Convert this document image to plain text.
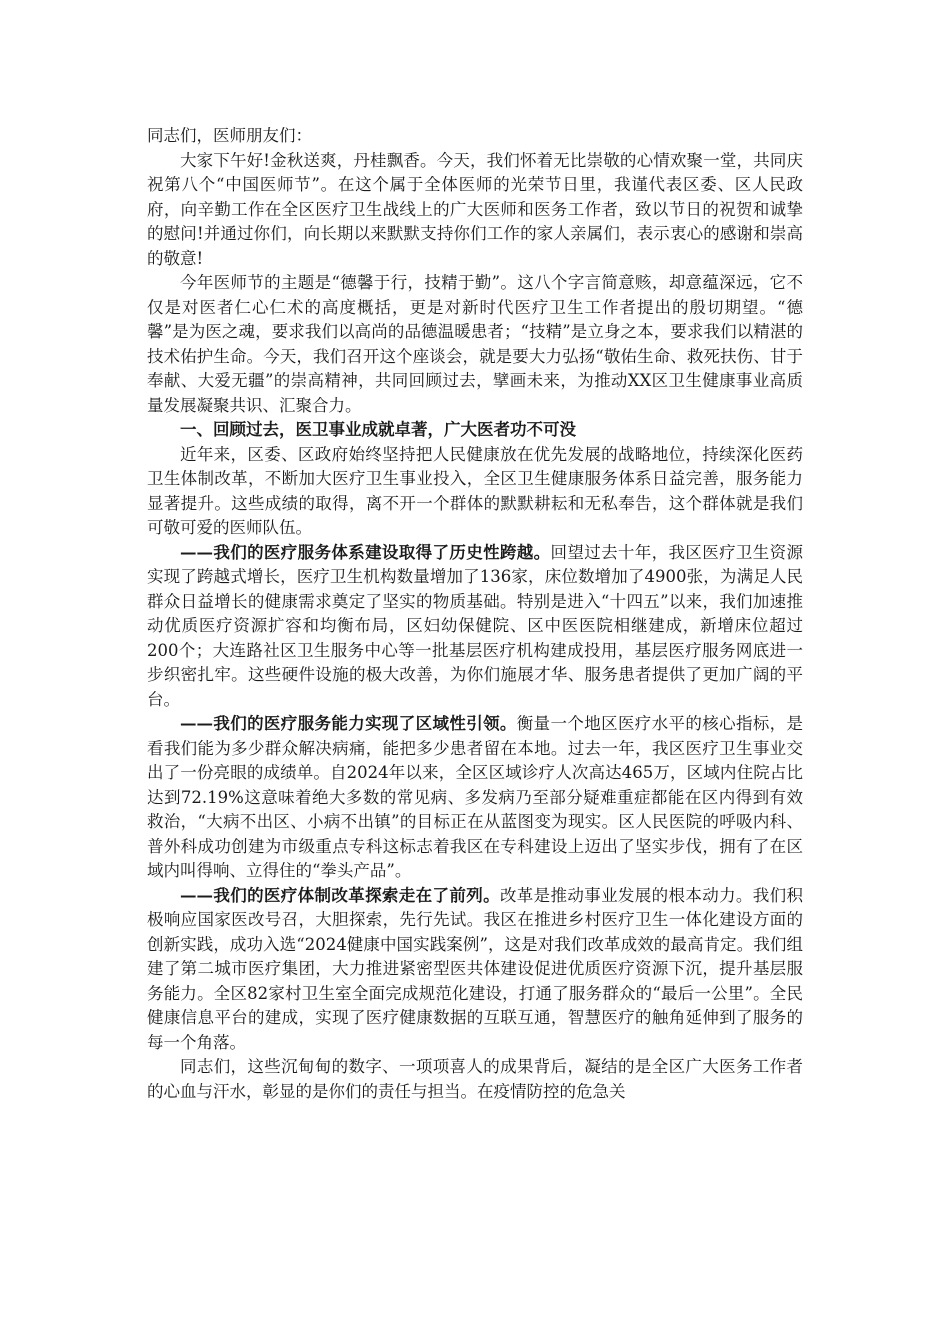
同志们，医师朋友们：

大家下午好!金秋送爽，丹桂飘香。今天，我们怀着无比崇敬的心情欢聚一堂，共同庆祝第八个“中国医师节”。在这个属于全体医师的光荣节日里，我谨代表区委、区人民政府，向辛勤工作在全区医疗卫生战线上的广大医师和医务工作者，致以节日的祝贺和诚挚的慰问!并通过你们，向长期以来默默支持你们工作的家人亲属们，表示衷心的感谢和崇高的敬意!

今年医师节的主题是“德馨于行，技精于勤”。这八个字言简意赅，却意蕴深远，它不仅是对医者仁心仁术的高度概括，更是对新时代医疗卫生工作者提出的殷切期望。“德馨”是为医之魂，要求我们以高尚的品德温暖患者；“技精”是立身之本，要求我们以精湛的技术佑护生命。今天，我们召开这个座谈会，就是要大力弘扬“敬佑生命、救死扶伤、甘于奉献、大爱无疆”的崇高精神，共同回顾过去，擘画未来，为推动XX区卫生健康事业高质量发展凝聚共识、汇聚合力。

一、回顾过去，医卫事业成就卓著，广大医者功不可没

近年来，区委、区政府始终坚持把人民健康放在优先发展的战略地位，持续深化医药卫生体制改革，不断加大医疗卫生事业投入，全区卫生健康服务体系日益完善，服务能力显著提升。这些成绩的取得，离不开一个群体的默默耕耘和无私奉告，这个群体就是我们可敬可爱的医师队伍。

——我们的医疗服务体系建设取得了历史性跨越。回望过去十年，我区医疗卫生资源实现了跨越式增长，医疗卫生机构数量增加了136家，床位数增加了4900张，为满足人民群众日益增长的健康需求奠定了坚实的物质基础。特别是进入“十四五”以来，我们加速推动优质医疗资源扩容和均衡布局，区妇幼保健院、区中医医院相继建成，新增床位超过200个；大连路社区卫生服务中心等一批基层医疗机构建成投用，基层医疗服务网底进一步织密扎牢。这些硬件设施的极大改善，为你们施展才华、服务患者提供了更加广阔的平台。

——我们的医疗服务能力实现了区域性引领。衡量一个地区医疗水平的核心指标，是看我们能为多少群众解决病痛，能把多少患者留在本地。过去一年，我区医疗卫生事业交出了一份亮眼的成绩单。自2024年以来，全区区域诊疗人次高达465万，区域内住院占比达到72.19%这意味着绝大多数的常见病、多发病乃至部分疑难重症都能在区内得到有效救治，“大病不出区、小病不出镇”的目标正在从蓝图变为现实。区人民医院的呼吸内科、普外科成功创建为市级重点专科这标志着我区在专科建设上迈出了坚实步伐，拥有了在区域内叫得响、立得住的“拳头产品”。

——我们的医疗体制改革探索走在了前列。改革是推动事业发展的根本动力。我们积极响应国家医改号召，大胆探索，先行先试。我区在推进乡村医疗卫生一体化建设方面的创新实践，成功入选“2024健康中国实践案例”，这是对我们改革成效的最高肯定。我们组建了第二城市医疗集团，大力推进紧密型医共体建设促进优质医疗资源下沉，提升基层服务能力。全区82家村卫生室全面完成规范化建设，打通了服务群众的“最后一公里”。全民健康信息平台的建成，实现了医疗健康数据的互联互通，智慧医疗的触角延伸到了服务的每一个角落。

同志们，这些沉甸甸的数字、一项项喜人的成果背后，凝结的是全区广大医务工作者的心血与汗水，彰显的是你们的责任与担当。在疫情防控的危急关
